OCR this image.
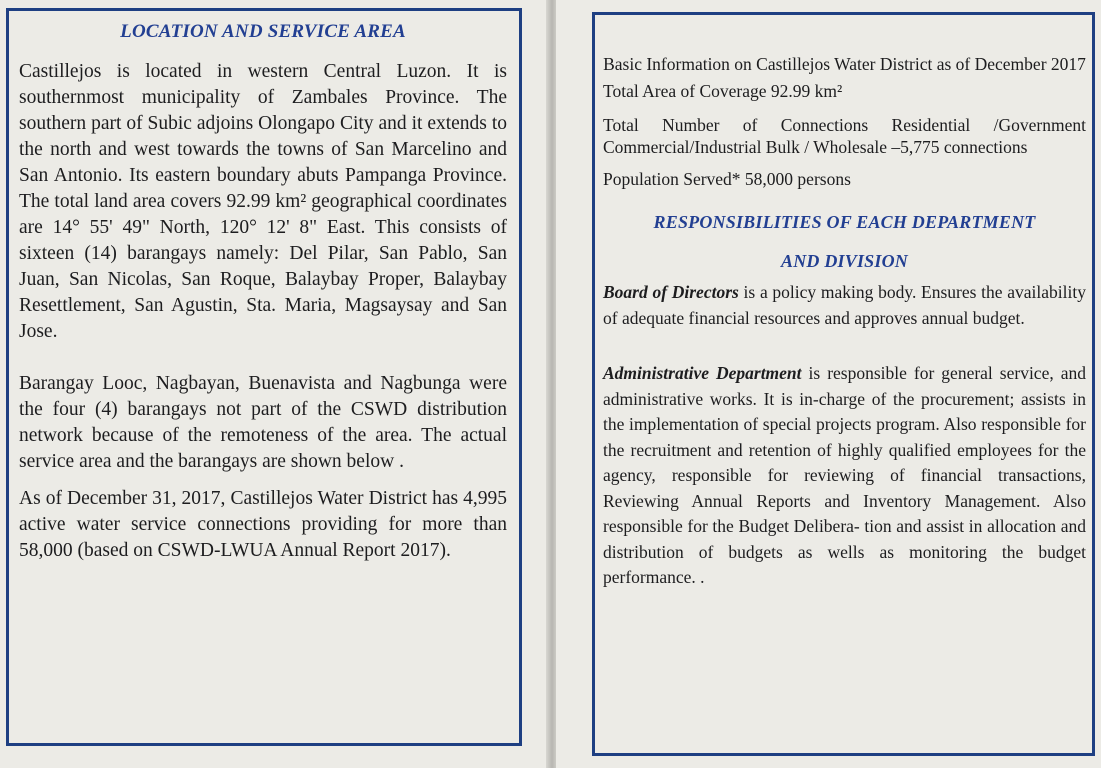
LOCATION AND SERVICE AREA

Castillejos is located in western Central Luzon. It is southernmost municipality of Zambales Province. The southern part of Subic adjoins Olongapo City and it extends to the north and west towards the towns of San Marcelino and San Antonio. Its eastern boundary abuts Pampanga Province. The total land area covers 92.99 km² geographical coordinates are 14° 55' 49" North, 120° 12' 8" East. This consists of sixteen (14) barangays namely: Del Pilar, San Pablo, San Juan, San Nicolas, San Roque, Balaybay Proper, Balaybay Resettlement, San Agustin, Sta. Maria, Magsaysay and San Jose.

Barangay Looc, Nagbayan, Buenavista and Nagbunga were the four (4) barangays not part of the CSWD distribution network because of the remoteness of the area. The actual service area and the barangays are shown below .

As of December 31, 2017, Castillejos Water District has 4,995 active water service connections providing for more than 58,000 (based on CSWD-LWUA Annual Report 2017).

Basic Information on Castillejos Water District as of December 2017

Total Area of Coverage 92.99 km²

Total Number of Connections Residential /Government Commercial/Industrial Bulk / Wholesale –5,775 connections

Population Served* 58,000 persons

RESPONSIBILITIES OF EACH DEPARTMENT
AND DIVISION

Board of Directors is a policy making body. Ensures the availability of adequate financial resources and approves annual budget.

Administrative Department is responsible for general service, and administrative works. It is in-charge of the procurement; assists in the implementation of special projects program. Also responsible for the recruitment and retention of highly qualified employees for the agency, responsible for reviewing of financial transactions, Reviewing Annual Reports and Inventory Management. Also responsible for the Budget Delibera- tion and assist in allocation and distribution of budgets as wells as monitoring the budget performance. .
